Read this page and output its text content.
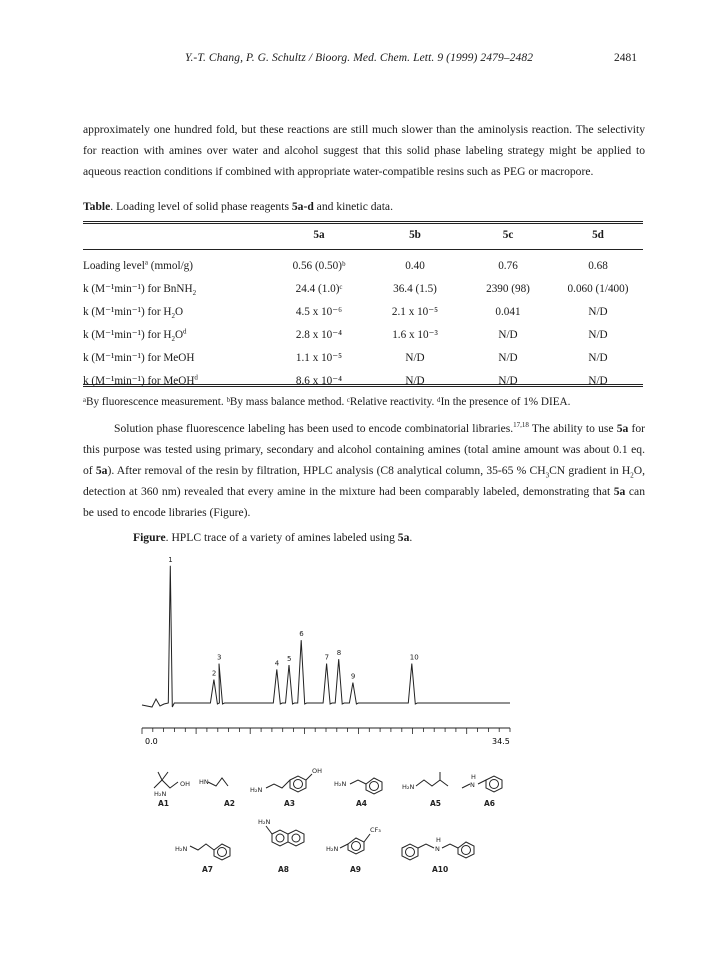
Y.-T. Chang, P. G. Schultz / Bioorg. Med. Chem. Lett. 9 (1999) 2479–2482	2481
approximately one hundred fold, but these reactions are still much slower than the aminolysis reaction. The selectivity for reaction with amines over water and alcohol suggest that this solid phase labeling strategy might be applied to aqueous reaction conditions if combined with appropriate water-compatible resins such as PEG or macropore.
Table. Loading level of solid phase reagents 5a-d and kinetic data.
	5a	5b	5c	5d
Loading level$^a$ (mmol/g)	0.56 (0.50)ᵇ	0.40	0.76	0.68
k (M⁻¹min⁻¹) for BnNH$_2$	24.4 (1.0)ᶜ	36.4 (1.5)	2390 (98)	0.060 (1/400)
k (M⁻¹min⁻¹) for $H_2O$	4.5 x 10⁻⁶	2.1 x 10⁻⁵	0.041	N/D
k (M⁻¹min⁻¹) for $H_2O^d$	2.8 x 10⁻⁴	1.6 x 10⁻³	N/D	N/D
k (M⁻¹min⁻¹) for MeOH	1.1 x 10⁻⁵	N/D	N/D	N/D
k (M⁻¹min⁻¹) for MeOH$^d$	8.6 x 10⁻⁴	N/D	N/D	N/D
ᵃBy fluorescence measurement. ᵇBy mass balance method. ᶜRelative reactivity. ᵈIn the presence of 1% DIEA.
Solution phase fluorescence labeling has been used to encode combinatorial libraries.$^{17,18}$ The ability to use 5a for this purpose was tested using primary, secondary and alcohol containing amines (total amine amount was about 0.1 eq. of 5a). After removal of the resin by filtration, HPLC analysis (C8 analytical column, 35-65 % $CH_3CN$ gradient in $H_2O$, detection at 360 nm) revealed that every amine in the mixture had been comparably labeled, demonstrating that 5a can be used to encode libraries (Figure).
Figure. HPLC trace of a variety of amines labeled using 5a.
1
2
3
4
5
6
7
8
9
10
0.0	34.5
H₂N
OH
A1
HN
A2
H₂N
OH
A3
H₂N
A4
H₂N
A5
N
H
A6
H₂N
A7
H₂N
A8
H₂N
CF₃
A9
N
H
A10
